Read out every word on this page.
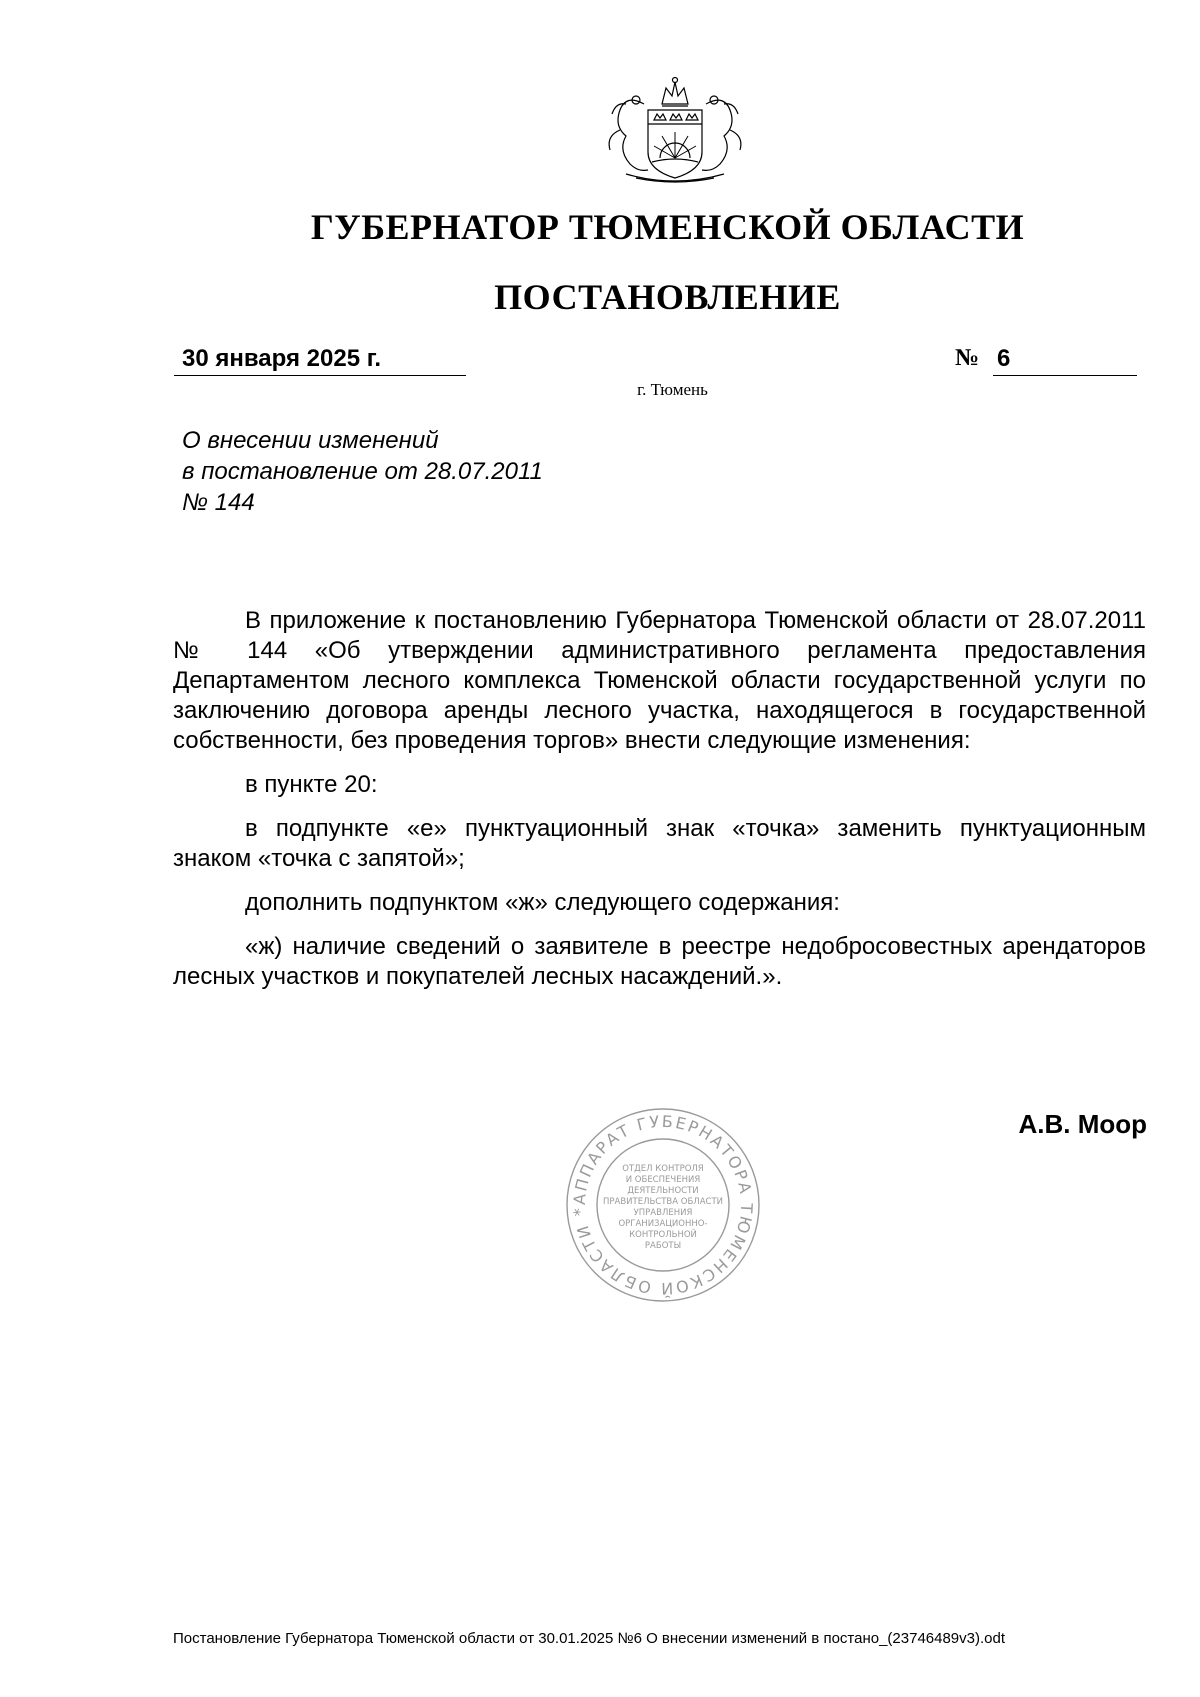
ГУБЕРНАТОР ТЮМЕНСКОЙ ОБЛАСТИ
ПОСТАНОВЛЕНИЕ
30 января 2025 г.	№ 6
г. Тюмень
О внесении изменений
в постановление от 28.07.2011
№ 144

В приложение к постановлению Губернатора Тюменской области от 28.07.2011 № 144 «Об утверждении административного регламента предоставления Департаментом лесного комплекса Тюменской области государственной услуги по заключению договора аренды лесного участка, находящегося в государственной собственности, без проведения торгов» внести следующие изменения:

в пункте 20:

в подпункте «е» пунктуационный знак «точка» заменить пунктуационным знаком «точка с запятой»;

дополнить подпунктом «ж» следующего содержания:

«ж) наличие сведений о заявителе в реестре недобросовестных арендаторов лесных участков и покупателей лесных насаждений.».

АППАРАТ ГУБЕРНАТОРА ТЮМЕНСКОЙ ОБЛАСТИ *
ОТДЕЛ КОНТРОЛЯ
И ОБЕСПЕЧЕНИЯ
ДЕЯТЕЛЬНОСТИ
ПРАВИТЕЛЬСТВА ОБЛАСТИ
УПРАВЛЕНИЯ
ОРГАНИЗАЦИОННО-
КОНТРОЛЬНОЙ
РАБОТЫ
А.В. Моор
Постановление Губернатора Тюменской области от 30.01.2025 №6 О внесении изменений в постано_(23746489v3).odt
